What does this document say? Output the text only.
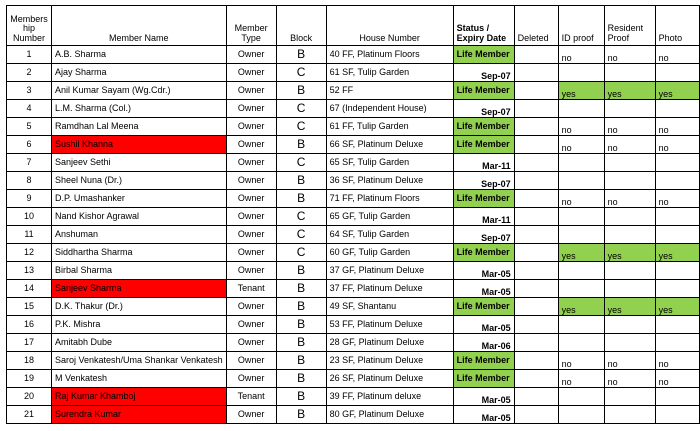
Members hip Number	Member Name	Member Type	Block	House Number	Status / Expiry Date	Deleted	ID proof	Resident Proof	Photo
1	A.B. Sharma	Owner	B	40 FF, Platinum Floors	Life Member		no	no	no
2	Ajay Sharma	Owner	C	61 SF, Tulip Garden	Sep-07				
3	Anil Kumar Sayam (Wg.Cdr.)	Owner	B	52 FF	Life Member		yes	yes	yes
4	L.M. Sharma (Col.)	Owner	C	67 (Independent House)	Sep-07				
5	Ramdhan Lal Meena	Owner	C	61 FF, Tulip Garden	Life Member		no	no	no
6	Sushil Khanna	Owner	B	66 SF, Platinum Deluxe	Life Member		no	no	no
7	Sanjeev Sethi	Owner	C	65 SF, Tulip Garden	Mar-11				
8	Sheel Nuna (Dr.)	Owner	B	36 SF, Platinum Deluxe	Sep-07				
9	D.P. Umashanker	Owner	B	71 FF, Platinum Floors	Life Member		no	no	no
10	Nand Kishor Agrawal	Owner	C	65 GF, Tulip Garden	Mar-11				
11	Anshuman	Owner	C	64 SF, Tulip Garden	Sep-07				
12	Siddhartha Sharma	Owner	C	60 GF, Tulip Garden	Life Member		yes	yes	yes
13	Birbal Sharma	Owner	B	37 GF, Platinum Deluxe	Mar-05				
14	Sanjeev Sharma	Tenant	B	37 FF, Platinum Deluxe	Mar-05				
15	D.K. Thakur (Dr.)	Owner	B	49 SF, Shantanu	Life Member		yes	yes	yes
16	P.K. Mishra	Owner	B	53 FF, Platinum Deluxe	Mar-05				
17	Amitabh Dube	Owner	B	28 GF, Platinum Deluxe	Mar-06				
18	Saroj Venkatesh/Uma Shankar Venkatesh	Owner	B	23 SF, Platinum Deluxe	Life Member		no	no	no
19	M Venkatesh	Owner	B	26 SF, Platinum Deluxe	Life Member		no	no	no
20	Raj Kumar Khamboj	Tenant	B	39 FF, Platinum deluxe	Mar-05				
21	Surendra Kumar	Owner	B	80 GF, Platinum Deluxe	Mar-05				
